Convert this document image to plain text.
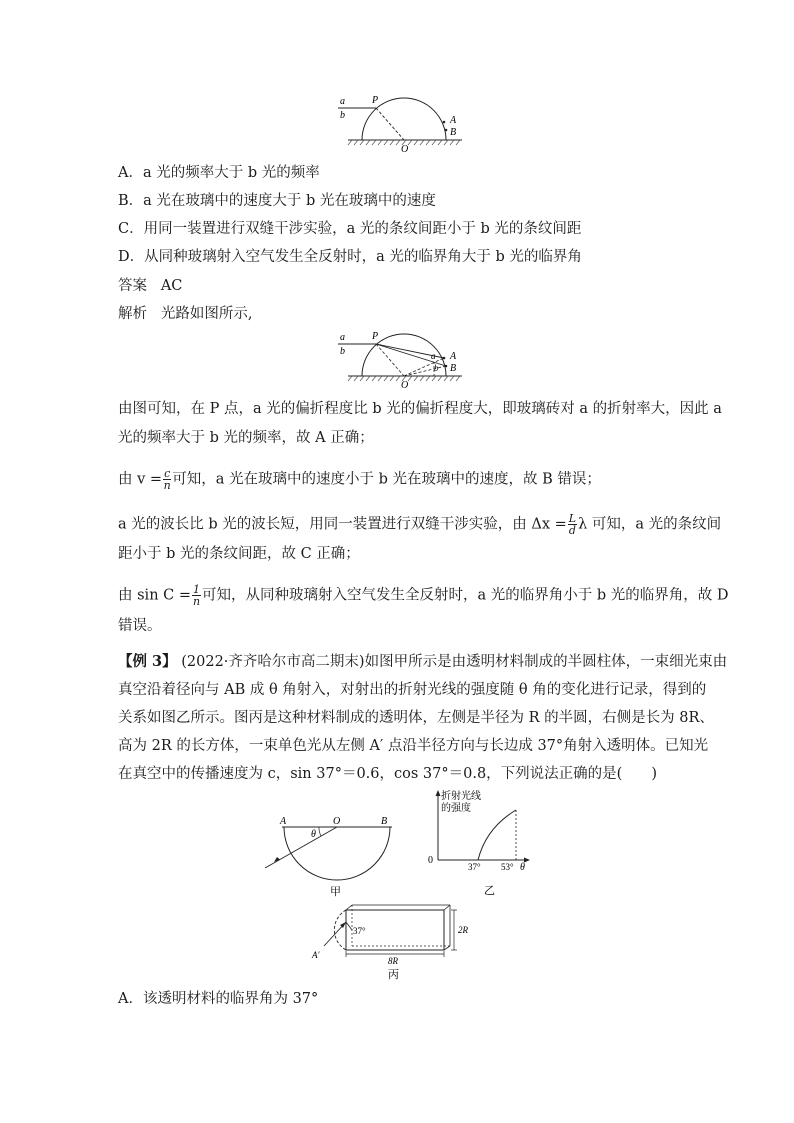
a
b
P
A
B
O
A．a 光的频率大于 b 光的频率
B．a 光在玻璃中的速度大于 b 光在玻璃中的速度
C．用同一装置进行双缝干涉实验，a 光的条纹间距小于 b 光的条纹间距
D．从同种玻璃射入空气发生全反射时，a 光的临界角大于 b 光的临界角
答案 AC
解析 光路如图所示,
a
b
P
a
b
A
B
O
由图可知，在 P 点，a 光的偏折程度比 b 光的偏折程度大，即玻璃砖对 a 的折射率大，因此 a
光的频率大于 b 光的频率，故 A 正确；
由 $v = \frac{c}{n}$ 可知，a 光在玻璃中的速度小于 b 光在玻璃中的速度，故 B 错误；
a 光的波长比 b 光的波长短，用同一装置进行双缝干涉实验，由 $\Delta x = \frac{L}{d}$ λ 可知，a 光的条纹间
距小于 b 光的条纹间距，故 C 正确；
由 $\sin C = \frac{1}{n}$ 可知，从同种玻璃射入空气发生全反射时，a 光的临界角小于 b 光的临界角，故 D
错误。
【例 3】 (2022·齐齐哈尔市高二期末)如图甲所示是由透明材料制成的半圆柱体，一束细光束由
真空沿着径向与 AB 成 θ 角射入，对射出的折射光线的强度随 θ 角的变化进行记录，得到的
关系如图乙所示。图丙是这种材料制成的透明体，左侧是半径为 R 的半圆，右侧是长为 8R、
高为 2R 的长方体，一束单色光从左侧 A′ 点沿半径方向与长边成 37°角射入透明体。已知光
在真空中的传播速度为 c，sin 37°＝0.6，cos 37°＝0.8，下列说法正确的是(　　)
A	O	B
θ
甲
折射光线
的强度
0
37° 53° θ
乙
37°	2R
8R
A′
丙
A．该透明材料的临界角为 37°
